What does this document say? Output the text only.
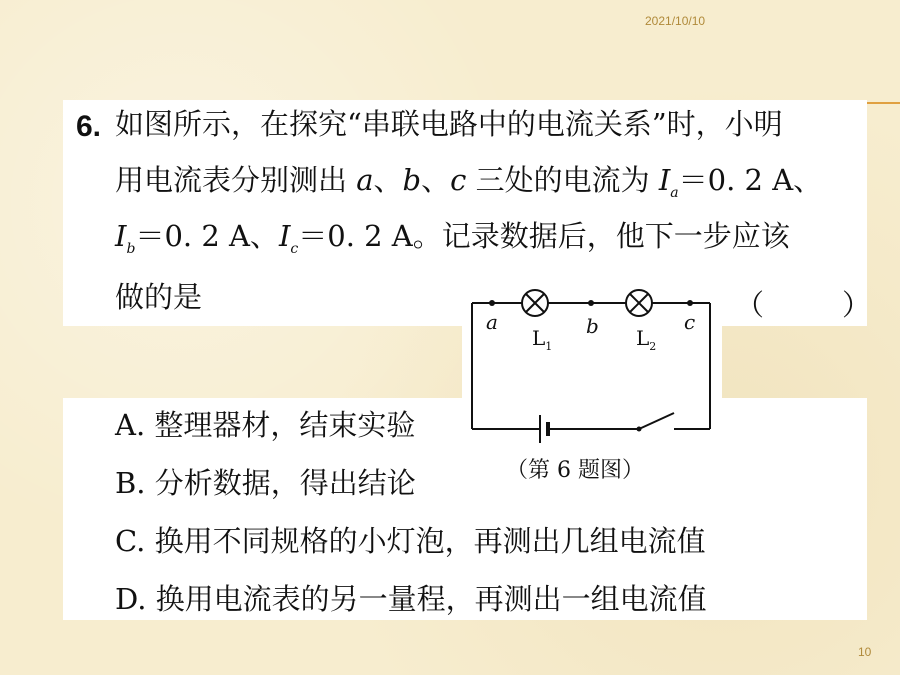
2021/10/10
6. 如图所示，在探究“串联电路中的电流关系”时，小明
用电流表分别测出 a、b、c 三处的电流为 $I_a=0$. 2 A、
$I_b=0$. 2 A、$I_c=0$. 2 A。记录数据后，他下一步应该
做的是	（	）
a	b	c
$L_1$	$L_2$
（第 6 题图）
A. 整理器材，结束实验
B. 分析数据，得出结论
C. 换用不同规格的小灯泡，再测出几组电流值
D. 换用电流表的另一量程，再测出一组电流值
10
